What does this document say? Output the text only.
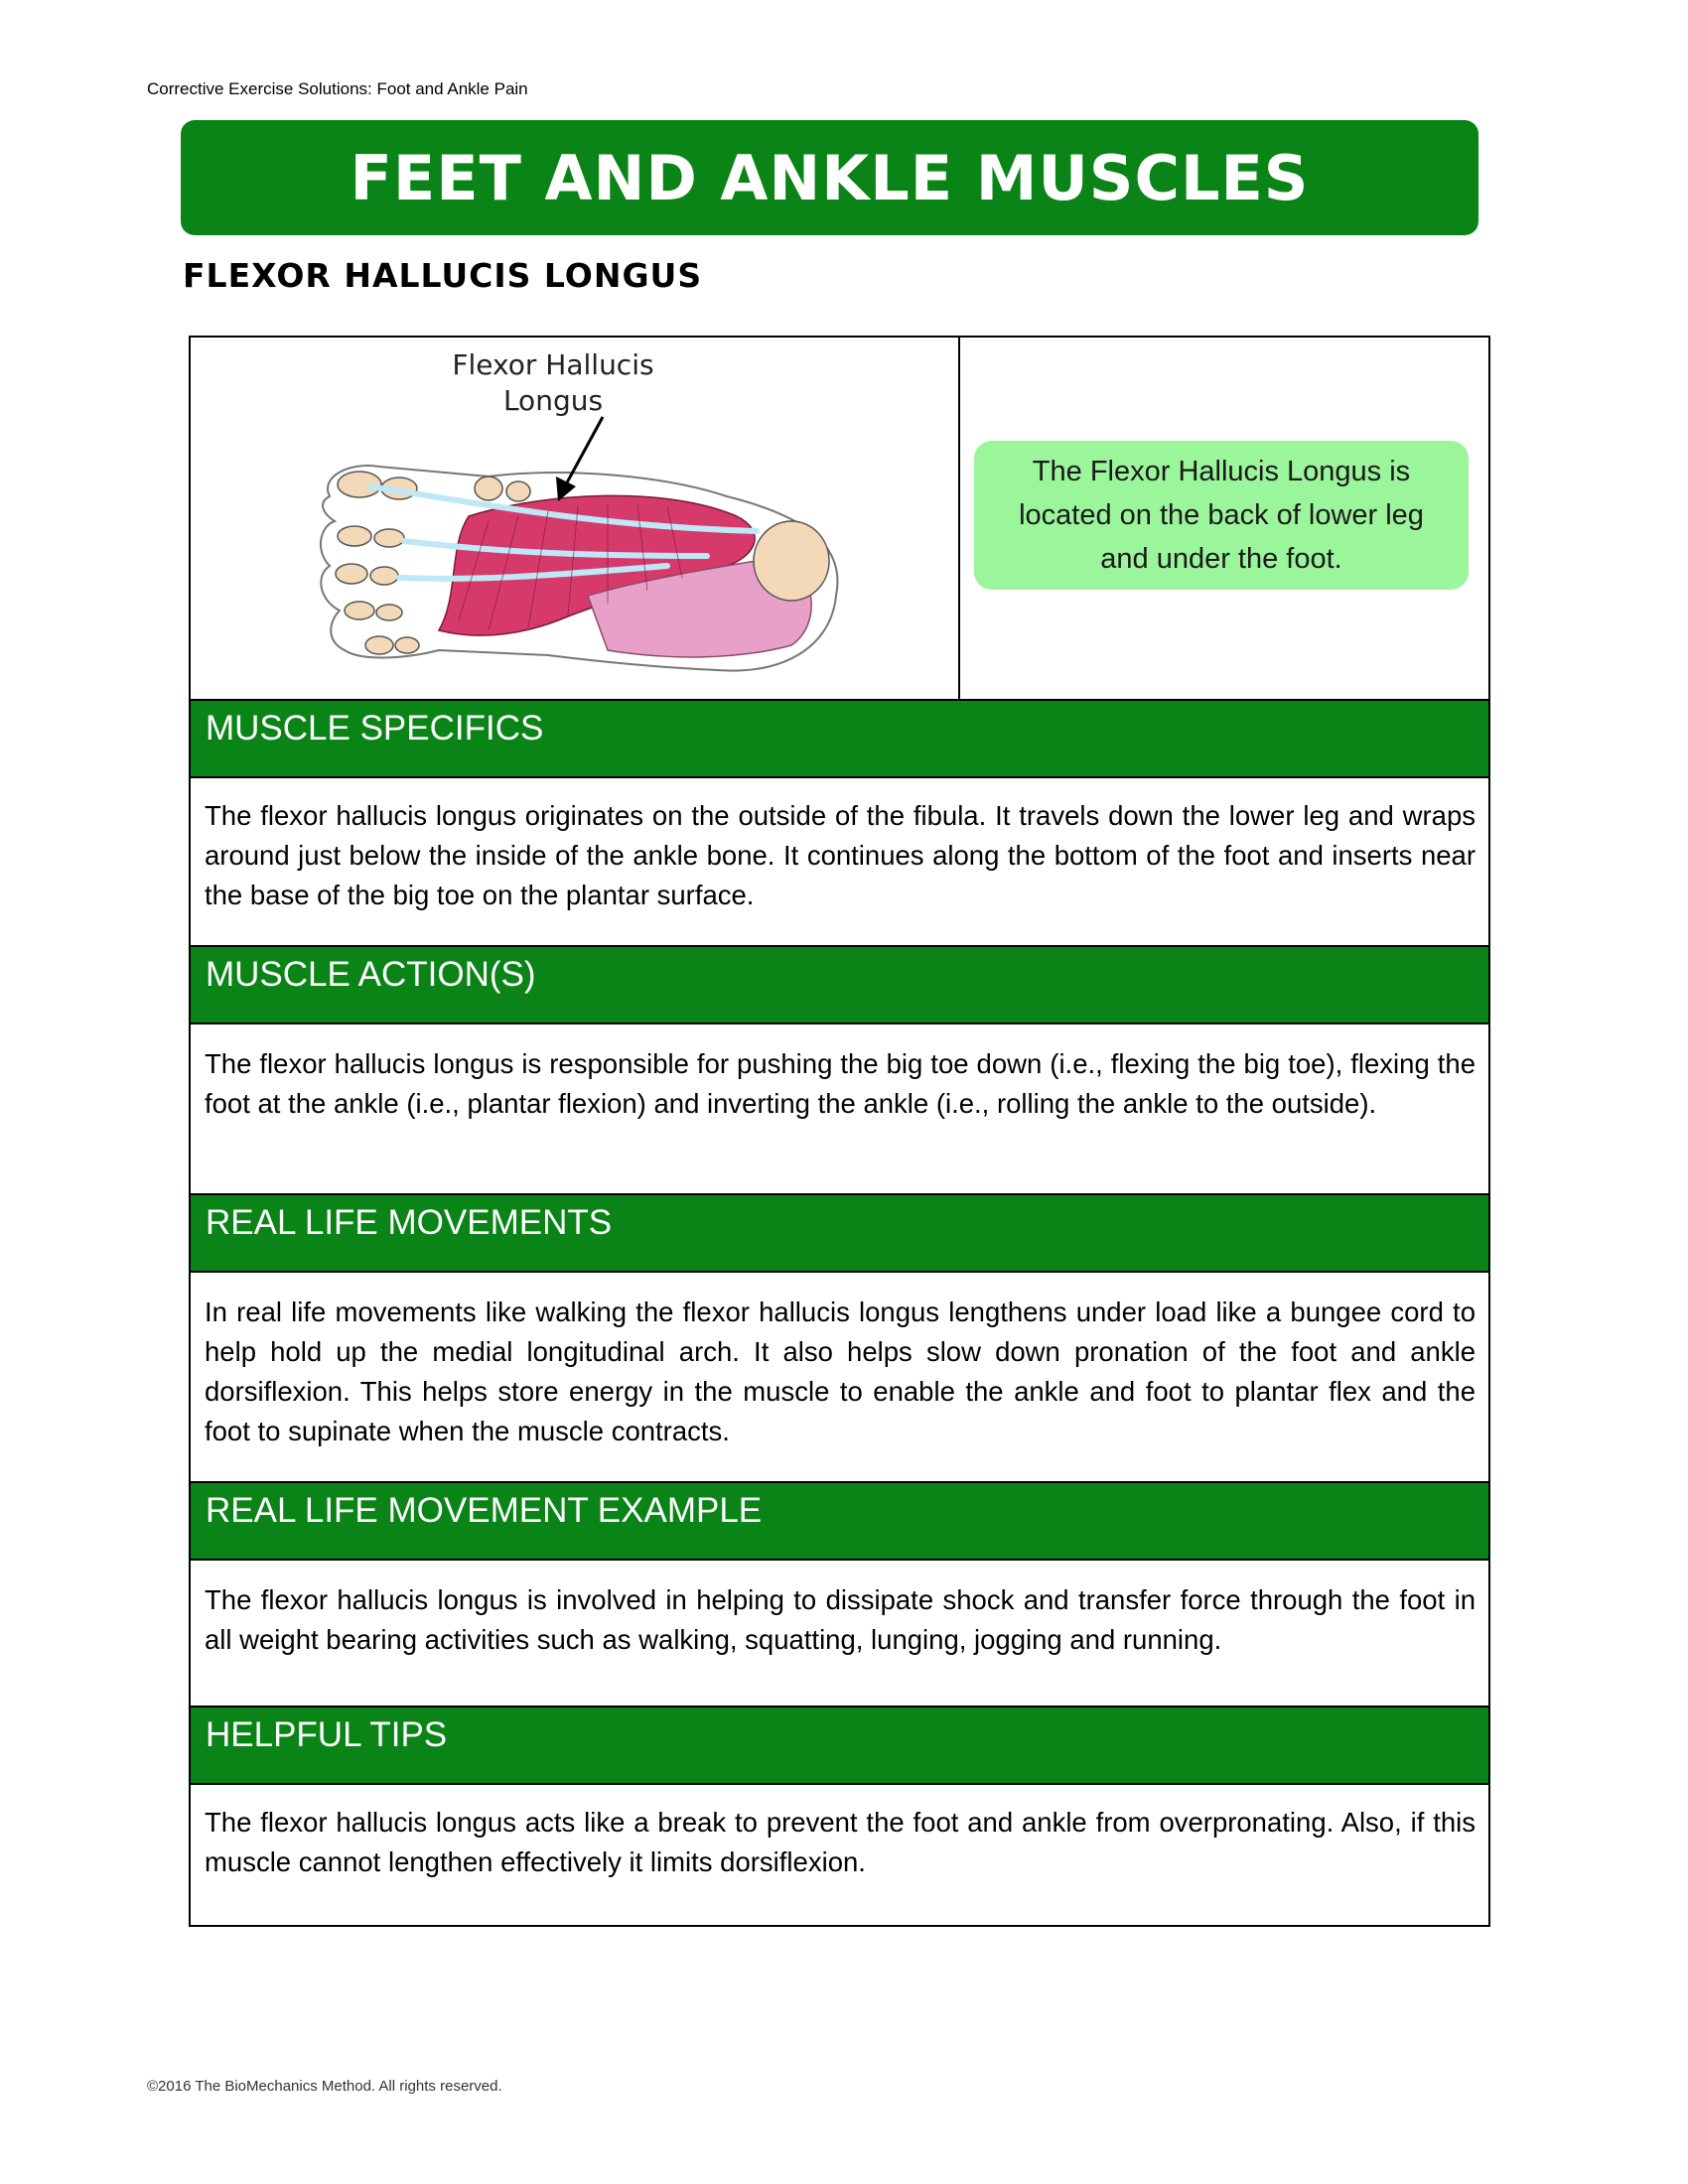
Corrective Exercise Solutions: Foot and Ankle Pain
FEET AND ANKLE MUSCLES
FLEXOR HALLUCIS LONGUS
Flexor Hallucis
Longus
The Flexor Hallucis Longus is located on the back of lower leg and under the foot.
MUSCLE SPECIFICS
The flexor hallucis longus originates on the outside of the fibula. It travels down the lower leg and wraps around just below the inside of the ankle bone. It continues along the bottom of the foot and inserts near the base of the big toe on the plantar surface.
MUSCLE ACTION(S)
The flexor hallucis longus is responsible for pushing the big toe down (i.e., flexing the big toe), flexing the foot at the ankle (i.e., plantar flexion) and inverting the ankle (i.e., rolling the ankle to the outside).
REAL LIFE MOVEMENTS
In real life movements like walking the flexor hallucis longus lengthens under load like a bungee cord to help hold up the medial longitudinal arch. It also helps slow down pronation of the foot and ankle dorsiflexion. This helps store energy in the muscle to enable the ankle and foot to plantar flex and the foot to supinate when the muscle contracts.
REAL LIFE MOVEMENT EXAMPLE
The flexor hallucis longus is involved in helping to dissipate shock and transfer force through the foot in all weight bearing activities such as walking, squatting, lunging, jogging and running.
HELPFUL TIPS
The flexor hallucis longus acts like a break to prevent the foot and ankle from overpronating. Also, if this muscle cannot lengthen effectively it limits dorsiflexion.
©2016 The BioMechanics Method. All rights reserved.
